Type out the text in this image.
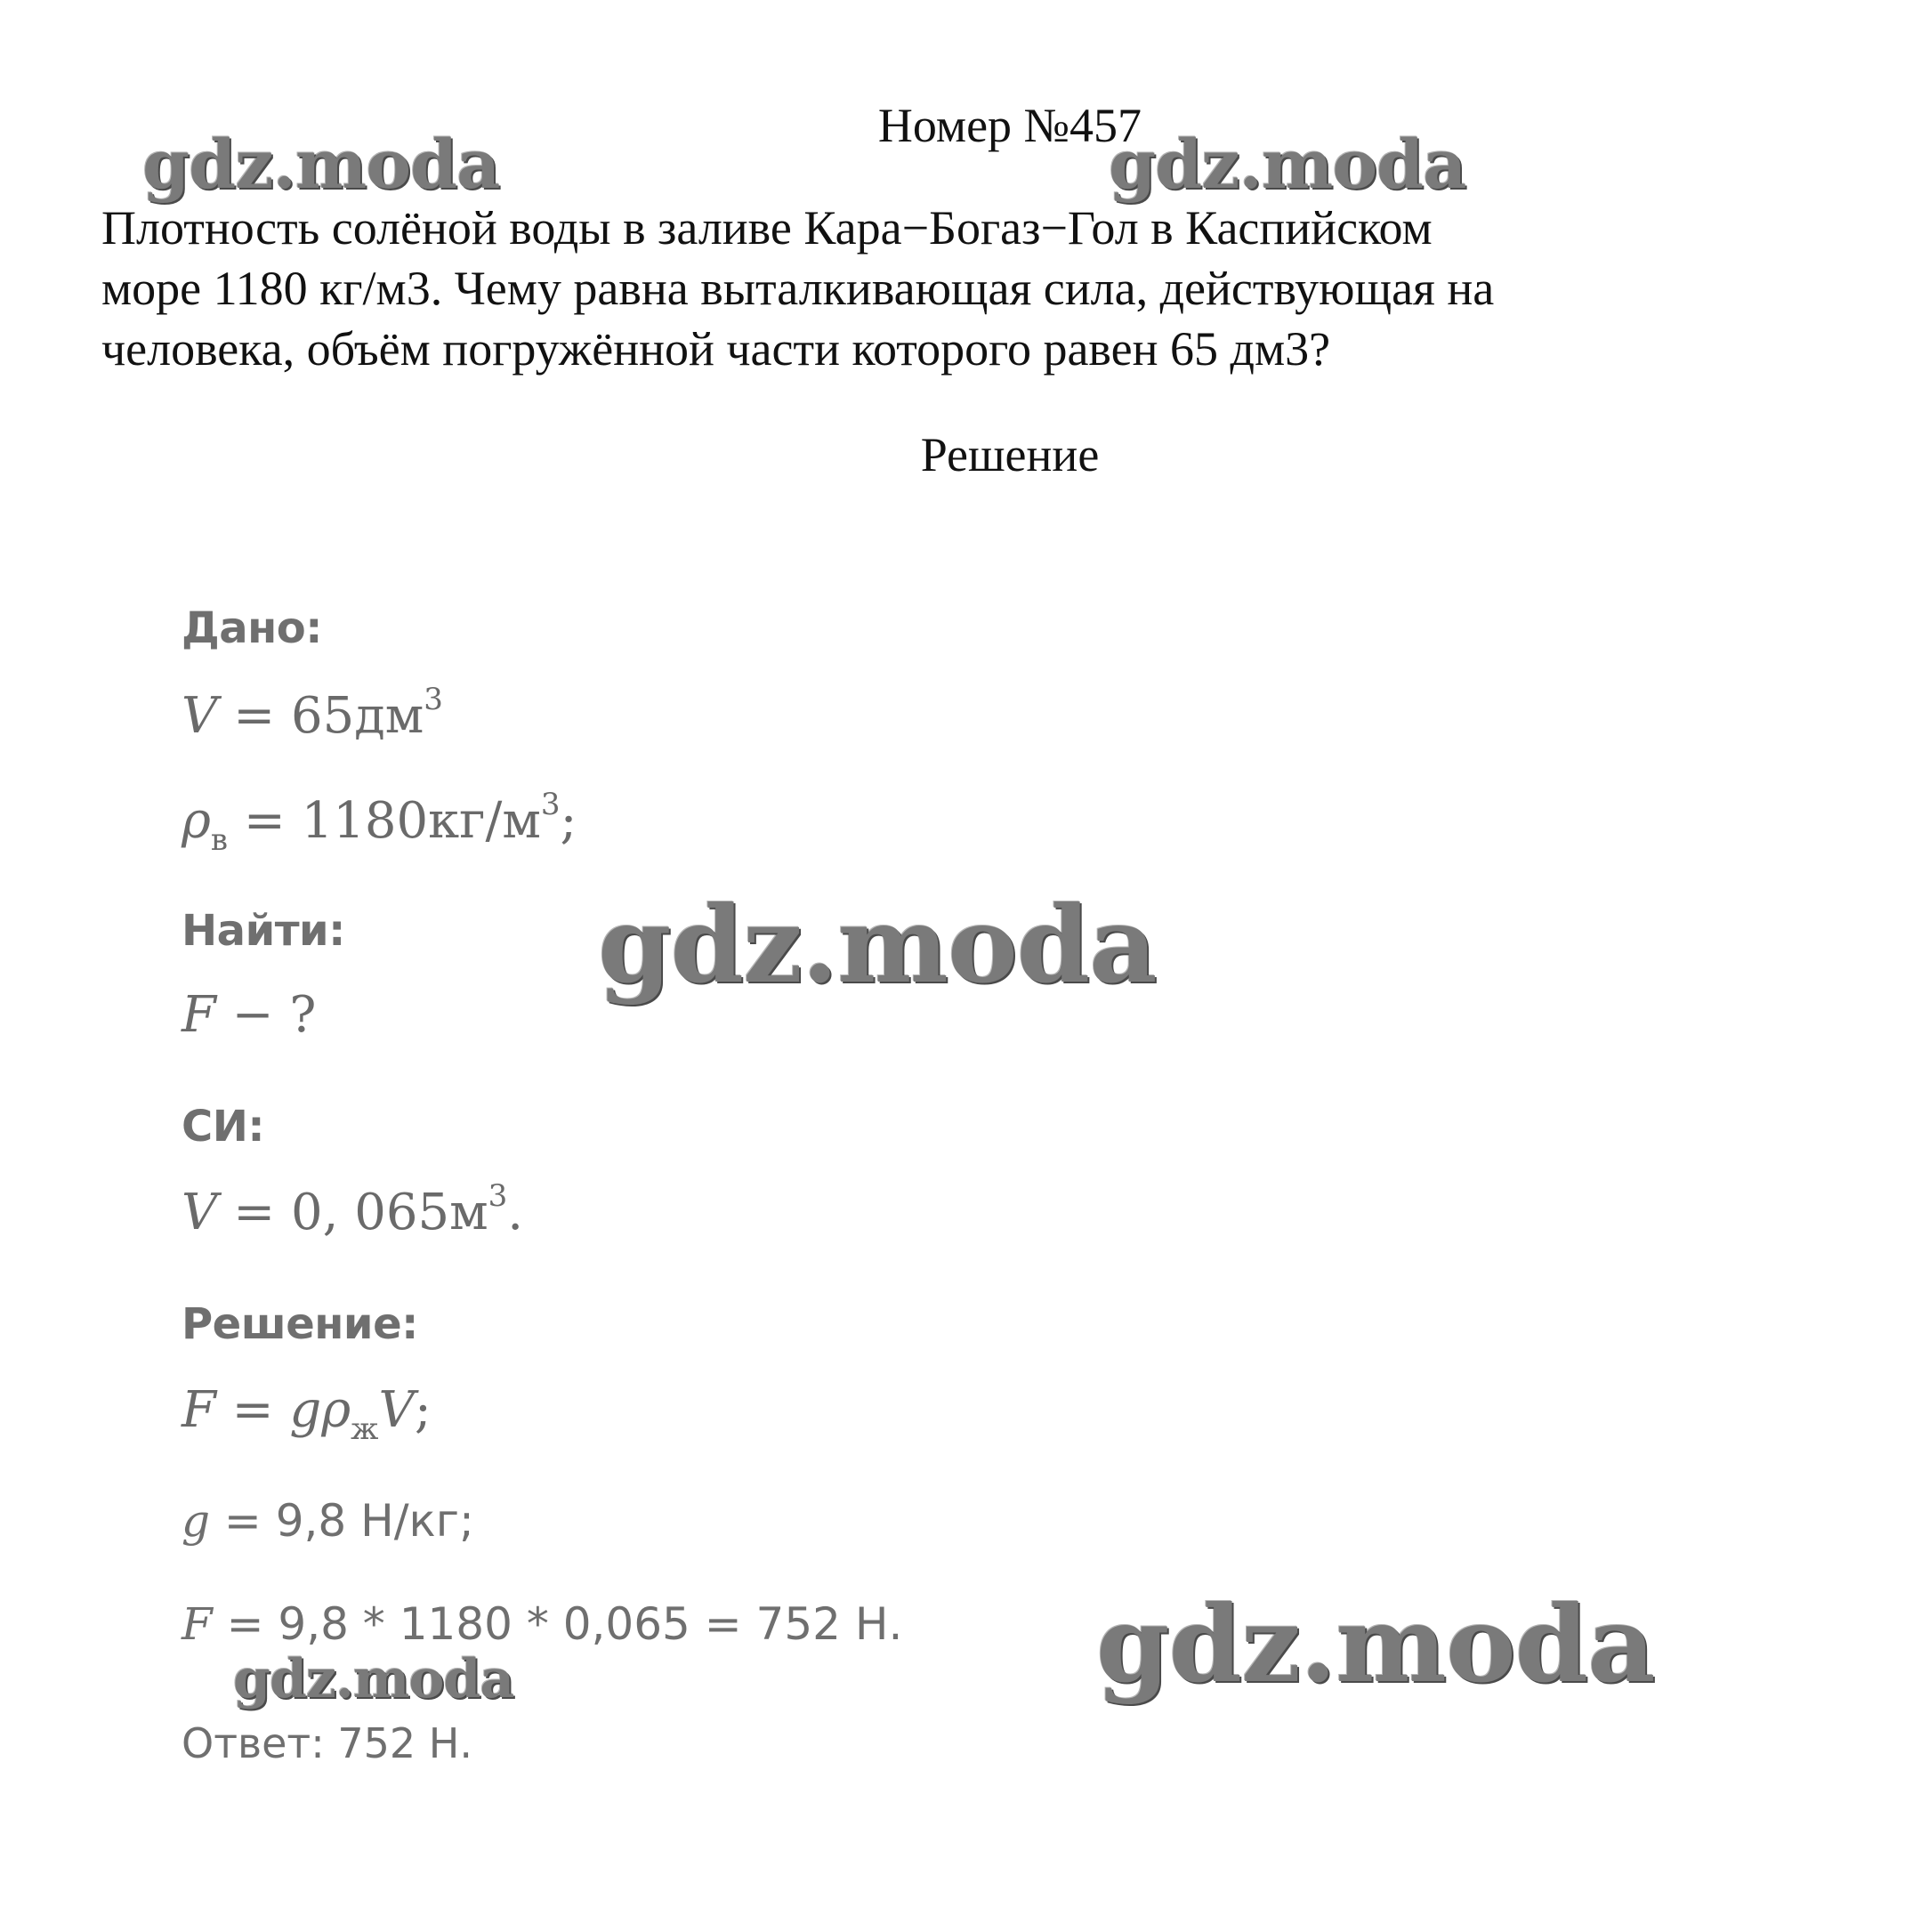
Номер №457
Плотность солёной воды в заливе Кара−Богаз−Гол в Каспийском
море 1180 кг/м3. Чему равна выталкивающая сила, действующая на
человека, объём погружённой части которого равен 65 дм3?
Решение
Дано:
$V = 65дм^3$
$\rho_в = 1180кг/м^3$;
Найти:
F − ?
СИ:
V = 0, $065м^3$.
Решение:
$F = g\rho_жV$;
g = 9,8 Н/кг;
F = 9,8 * 1180 * 0,065 = 752 Н.
Ответ: 752 Н.
gdz.moda	gdz.moda
gdz.moda
gdz.moda
gdz.moda
